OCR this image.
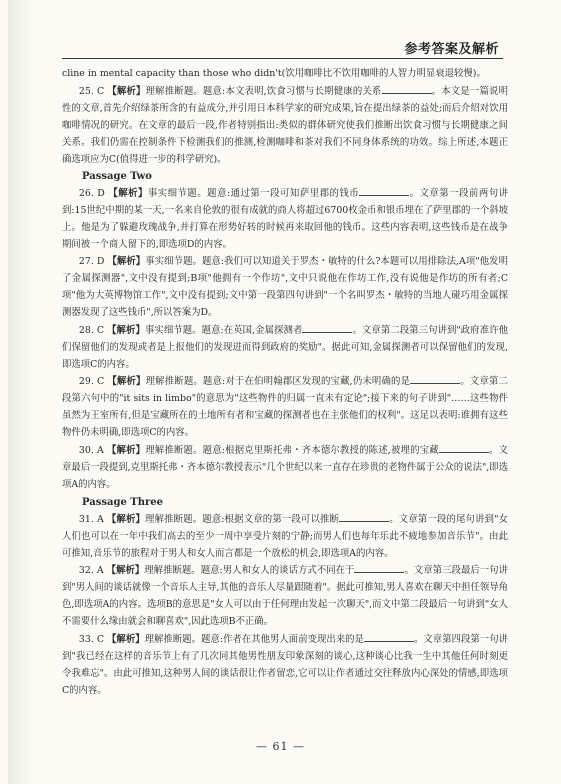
参考答案及解析

cline in mental capacity than those who didn't(饮用咖啡比不饮用咖啡的人智力明显衰退较慢)。

25. C 【解析】理解推断题。题意:本文表明,饮食习惯与长期健康的关系	。本文是一篇说明性的文章,首先介绍绿茶所含的有益成分,并引用日本科学家的研究成果,旨在提出绿茶的益处;而后介绍对饮用咖啡情况的研究。在文章的最后一段,作者特别指出:类似的群体研究使我们推断出饮食习惯与长期健康之间关系。我们仍需在控制条件下检测我们的推测,检测咖啡和茶对我们不同身体系统的功效。综上所述,本题正确选项应为C(值得进一步的科学研究)。

Passage Two

26. D 【解析】事实细节题。题意:通过第一段可知萨里郡的钱币	。文章第一段前两句讲到:15世纪中期的某一天,一名来自伦敦的很有成就的商人将超过6700枚金币和银币埋在了萨里郡的一个斜坡上。他是为了躲避玫瑰战争,并打算在形势好转的时候再来取回他的钱币。这些内容表明,这些钱币是在战争期间被一个商人留下的,即选项D的内容。

27. D 【解析】事实细节题。题意:我们可以知道关于罗杰・敏特的什么?本题可以用排除法,A项"他发明了金属探测器",文中没有提到;B项"他拥有一个作坊",文中只说他在作坊工作,没有说他是作坊的所有者;C项"他为大英博物馆工作",文中没有提到;文中第一段第四句讲到"一个名叫罗杰・敏特的当地人碰巧用金属探测器发现了这些钱币",所以答案为D。

28. C 【解析】事实细节题。题意:在英国,金属探测者	。文章第二段第三句讲到"政府准许他们保留他们的发现或者是上报他们的发现进而得到政府的奖励"。据此可知,金属探测者可以保留他们的发现,即选项C的内容。

29. C 【解析】理解推断题。题意:对于在伯明翰郡区发现的宝藏,仍未明确的是	。文章第二段第六句中的"it sits in limbo"的意思为"这些物件的归属一直未有定论";接下来的句子讲到"……这些物件虽然为王室所有,但是宝藏所在的土地所有者和宝藏的探测者也在主张他们的权利"。这足以表明:谁拥有这些物件仍未明确,即选项C的内容。

30. A 【解析】理解推断题。题意:根据克里斯托弗・齐本德尔教授的陈述,被埋的宝藏	。文章最后一段提到,克里斯托弗・齐本德尔教授表示"几个世纪以来一直存在珍贵的老物件属于公众的说法",即选项A的内容。

Passage Three

31. A 【解析】理解推断题。题意:根据文章的第一段可以推断	。文章第一段的尾句讲到"女人们也可以在一年中我们高去的至少一周中享受片刻的宁静;而男人们也每年乐此不疲地参加音乐节"。由此可推知,音乐节的旅程对于男人和女人而言都是一个放松的机会,即选项A的内容。

32. A 【解析】理解推断题。题意:男人和女人的谈话方式不同在于	。文章第三段最后一句讲到"男人间的谈话就像一个音乐人主导,其他的音乐人尽量跟随着"。据此可推知,男人喜欢在聊天中担任领导角色,即选项A的内容。选项B的意思是"女人可以由于任何理由发起一次聊天",而文中第二段最后一句讲到"女人不需要什么缘由就会和聊喜欢",因此选项B不正确。

33. C 【解析】理解推断题。题意:作者在其他男人面前变现出来的是	。文章第四段第一句讲到"我已经在这样的音乐节上有了几次同其他男性朋友印象深刻的谈心,这种谈心比我一生中其他任何时刻更令我难忘"。由此可推知,这种男人间的谈话很让作者留恋,它可以让作者通过交往释放内心深处的情感,即选项C的内容。

— 61 —
